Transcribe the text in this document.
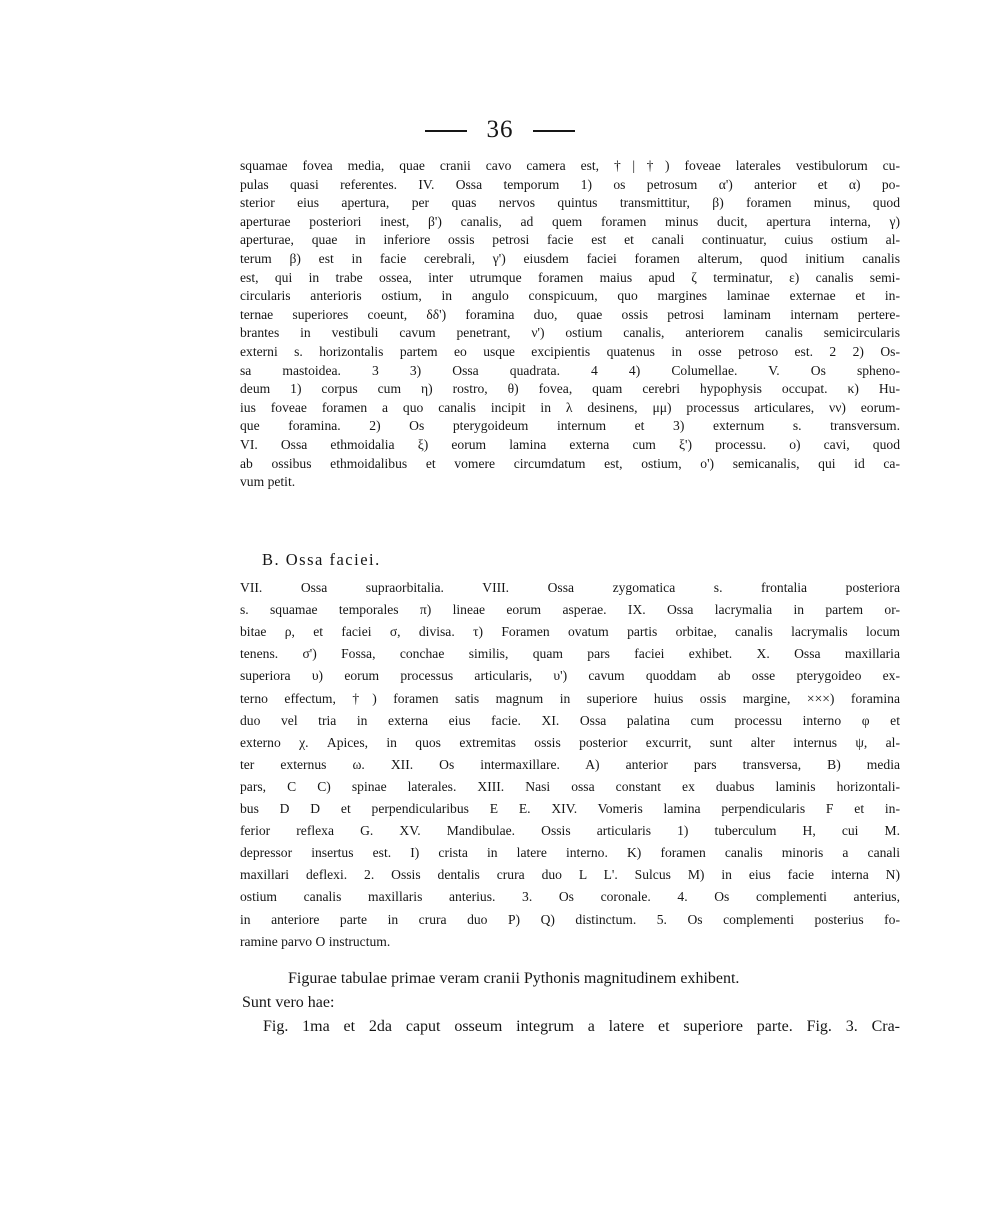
36
squamae fovea media, quae cranii cavo camera est, †|†) foveae laterales vestibulorum cu-
pulas quasi referentes. IV. Ossa temporum 1) os petrosum α') anterior et α) po-
sterior eius apertura, per quas nervos quintus transmittitur, β) foramen minus, quod
aperturae posteriori inest, β') canalis, ad quem foramen minus ducit, apertura interna, γ)
aperturae, quae in inferiore ossis petrosi facie est et canali continuatur, cuius ostium al-
terum β) est in facie cerebrali, γ') eiusdem faciei foramen alterum, quod initium canalis
est, qui in trabe ossea, inter utrumque foramen maius apud ζ terminatur, ε) canalis semi-
circularis anterioris ostium, in angulo conspicuum, quo margines laminae externae et in-
ternae superiores coeunt, δδ') foramina duo, quae ossis petrosi laminam internam pertere-
brantes in vestibuli cavum penetrant, ν') ostium canalis, anteriorem canalis semicircularis
externi s. horizontalis partem eo usque excipientis quatenus in osse petroso est. 2 2) Os-
sa mastoidea. 3 3) Ossa quadrata. 4 4) Columellae. V. Os spheno-
deum 1) corpus cum η) rostro, θ) fovea, quam cerebri hypophysis occupat. κ) Hu-
ius foveae foramen a quo canalis incipit in λ desinens, μμ) processus articulares, νν) eorum-
que foramina. 2) Os pterygoideum internum et 3) externum s. transversum.
VI. Ossa ethmoidalia ξ) eorum lamina externa cum ξ') processu. ο) cavi, quod
ab ossibus ethmoidalibus et vomere circumdatum est, ostium, ο') semicanalis, qui id ca-
vum petit.
B. Ossa faciei.
VII. Ossa supraorbitalia. VIII. Ossa zygomatica s. frontalia posteriora
s. squamae temporales π) lineae eorum asperae. IX. Ossa lacrymalia in partem or-
bitae ρ, et faciei σ, divisa. τ) Foramen ovatum partis orbitae, canalis lacrymalis locum
tenens. σ') Fossa, conchae similis, quam pars faciei exhibet. X. Ossa maxillaria
superiora υ) eorum processus articularis, υ') cavum quoddam ab osse pterygoideo ex-
terno effectum, †) foramen satis magnum in superiore huius ossis margine, ×××) foramina
duo vel tria in externa eius facie. XI. Ossa palatina cum processu interno φ et
externo χ. Apices, in quos extremitas ossis posterior excurrit, sunt alter internus ψ, al-
ter externus ω. XII. Os intermaxillare. A) anterior pars transversa, B) media
pars, C C) spinae laterales. XIII. Nasi ossa constant ex duabus laminis horizontali-
bus D D et perpendicularibus E E. XIV. Vomeris lamina perpendicularis F et in-
ferior reflexa G. XV. Mandibulae. Ossis articularis 1) tuberculum H, cui M.
depressor insertus est. I) crista in latere interno. K) foramen canalis minoris a canali
maxillari deflexi. 2. Ossis dentalis crura duo L L'. Sulcus M) in eius facie interna N)
ostium canalis maxillaris anterius. 3. Os coronale. 4. Os complementi anterius,
in anteriore parte in crura duo P) Q) distinctum. 5. Os complementi posterius fo-
ramine parvo O instructum.
Figurae tabulae primae veram cranii Pythonis magnitudinem exhibent.
Sunt vero hae:
Fig. 1ma et 2da caput osseum integrum a latere et superiore parte. Fig. 3. Cra-
